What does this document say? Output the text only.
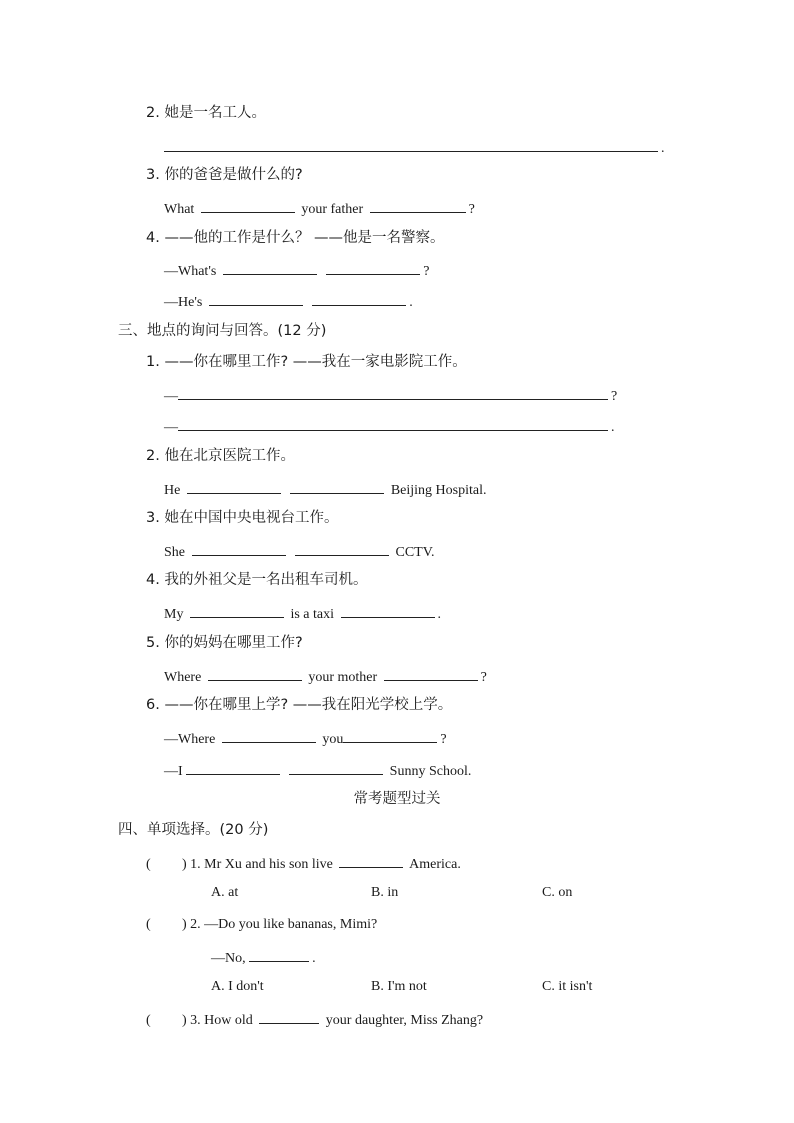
2. 她是一名工人。
.
3. 你的爸爸是做什么的?
What	your father	?
4. ——他的工作是什么？ ——他是一名警察。
—What's	?
—He's	.
三、地点的询问与回答。(12 分)
1. ——你在哪里工作? ——我在一家电影院工作。
—	?
—	.
2. 他在北京医院工作。
He	Beijing Hospital.
3. 她在中国中央电视台工作。
She	CCTV.
4. 我的外祖父是一名出租车司机。
My	is a taxi	.
5. 你的妈妈在哪里工作?
Where	your mother	?
6. ——你在哪里上学? ——我在阳光学校上学。
—Where	you	?
—I	Sunny School.
常考题型过关
四、单项选择。(20 分)
( ) 1. Mr Xu and his son live	America.
A. at	B. in	C. on
( ) 2. —Do you like bananas, Mimi?
—No,	.
A. I don't	B. I'm not	C. it isn't
( ) 3. How old	your daughter, Miss Zhang?
